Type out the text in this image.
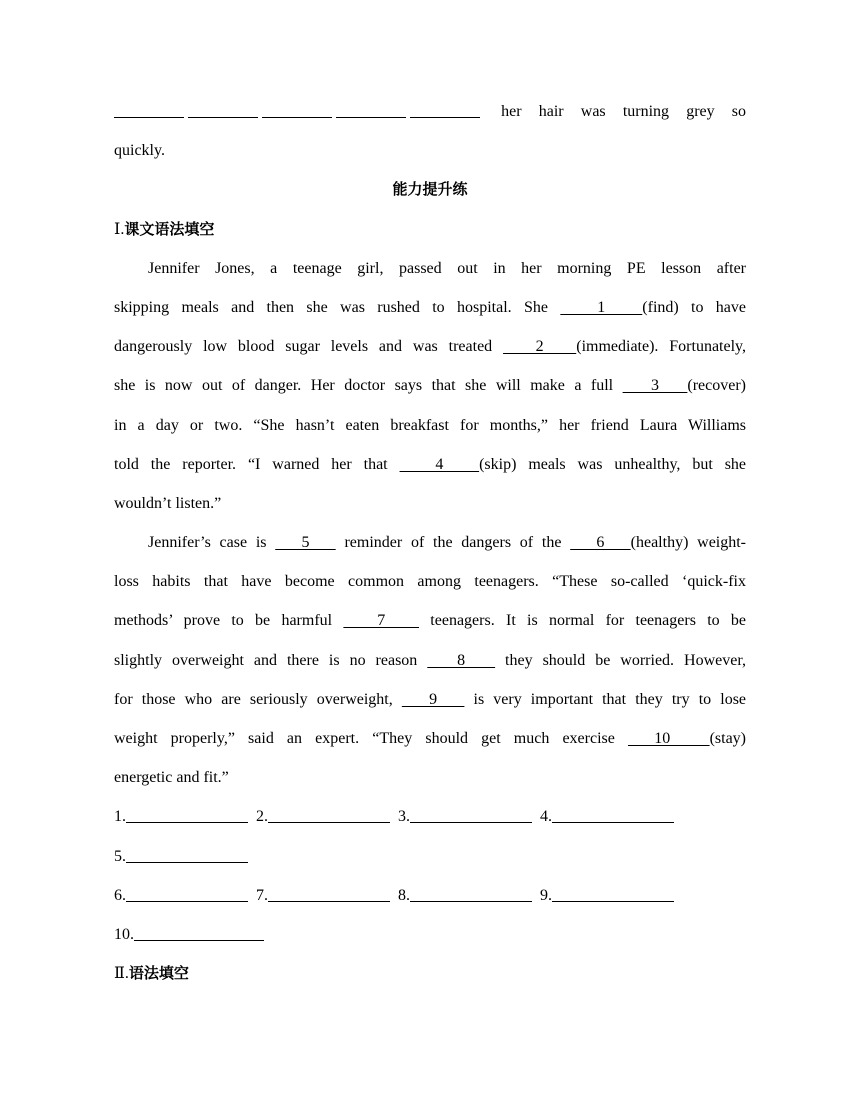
her hair was turning grey so
quickly.
能力提升练
Ⅰ.课文语法填空
Jennifer Jones, a teenage girl, passed out in her morning PE lesson after
skipping meals and then she was rushed to hospital. She    1   (find) to have
dangerously low blood sugar levels and was treated    2   (immediate). Fortunately,
she is now out of danger. Her doctor says that she will make a full    3   (recover)
in a day or two. “She hasn’t eaten breakfast for months,” her friend Laura Williams
told the reporter. “I warned her that    4   (skip) meals was unhealthy, but she
wouldn’t listen.”
Jennifer’s case is    5    reminder of the dangers of the    6   (healthy) weight-
loss habits that have become common among teenagers. “These so-called ‘quick-fix
methods’ prove to be harmful    7    teenagers. It is normal for teenagers to be
slightly overweight and there is no reason    8    they should be worried. However,
for those who are seriously overweight,    9    is very important that they try to lose
weight properly,” said an expert. “They should get much exercise   10   (stay)
energetic and fit.”
1.	2.	3.	4.
5.
6.	7.	8.	9.
10.
Ⅱ.语法填空
